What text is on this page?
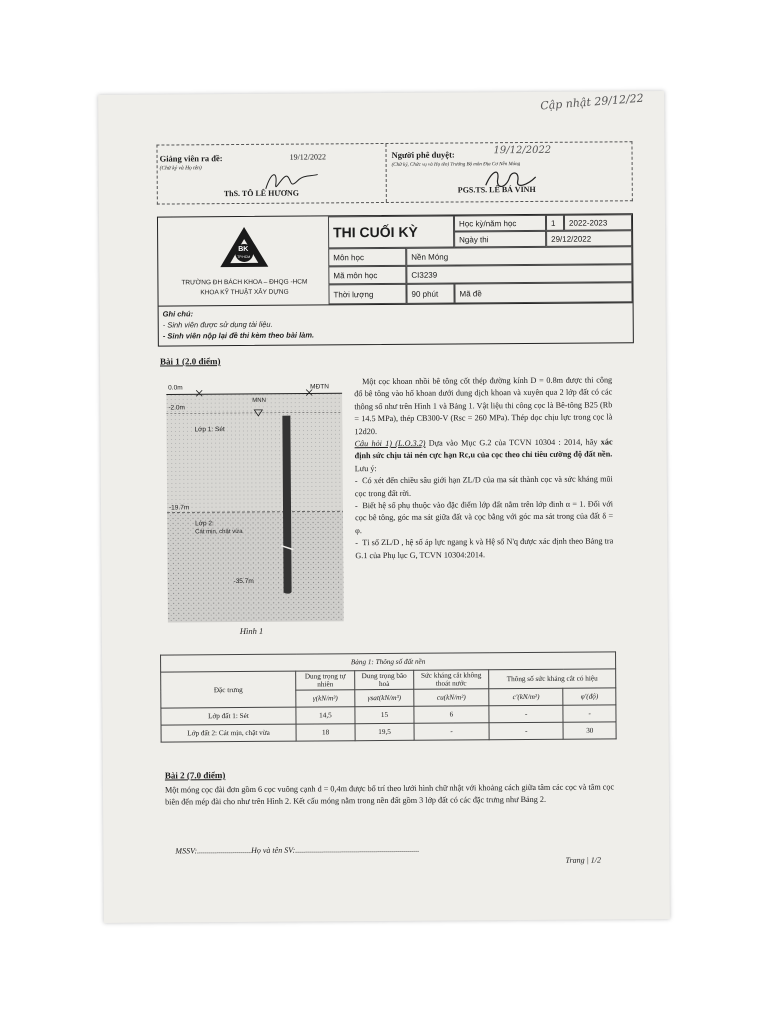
Cập nhật 29/12/22
Giảng viên ra đề:	19/12/2022
(Chữ ký và Họ tên)
ThS. TÔ LÊ HƯƠNG
Người phê duyệt:	19/12/2022
(Chữ ký, Chức vụ và Họ tên) Trưởng Bộ môn Địa Cơ Nền Móng
PGS.TS. LÊ BÁ VINH
BK
TP.HCM
TRƯỜNG ĐH BÁCH KHOA – ĐHQG -HCM
KHOA KỸ THUẬT XÂY DỰNG
THI CUỐI KỲ
Học kỳ/năm học	1 2022-2023
Ngày thi	29/12/2022
Môn học	Nền Móng
Mã môn học	CI3239
Thời lượng	90 phút	Mã đề
Ghi chú:
- Sinh viên được sử dụng tài liệu.
- Sinh viên nộp lại đề thi kèm theo bài làm.
Bài 1 (2.0 điểm)
0.0m	MĐTN
-2.0m
MNN
Lớp 1: Sét
-19.7m
Lớp 2:
Cát mịn, chặt vừa
-35.7m
Hình 1

Một cọc khoan nhồi bê tông cốt thép đường kính D = 0.8m được thi công đổ bê tông vào hố khoan dưới dung dịch khoan và xuyên qua 2 lớp đất có các thông số như trên Hình 1 và Bảng 1. Vật liệu thi công cọc là Bê-tông B25 (Rb = 14.5 MPa), thép CB300-V (Rsc = 260 MPa). Thép dọc chịu lực trong cọc là 12d20.

Câu hỏi 1) (L.O.3.2) Dựa vào Mục G.2 của TCVN 10304 : 2014, hãy xác định sức chịu tải nén cực hạn Rc,u của cọc theo chỉ tiêu cường độ đất nền.

Lưu ý:

-  Có xét đến chiều sâu giới hạn ZL/D của ma sát thành cọc và sức kháng mũi cọc trong đất rời.

-  Biết hệ số phụ thuộc vào đặc điểm lớp đất nằm trên lớp đinh α = 1. Đối với cọc bê tông, góc ma sát giữa đất và cọc bằng với góc ma sát trong của đất δ = φ.

-  Tỉ số ZL/D , hệ số áp lực ngang k và Hệ số N'q được xác định theo Bảng tra G.1 của Phụ lục G, TCVN 10304:2014.

Bảng 1: Thông số đất nền					
Đặc trưng	Dung trọng tự nhiên	Dung trọng bão hoà	Sức kháng cắt không thoát nước	Thông số sức kháng cắt có hiệu	
	γ(kN/m³)	γsat(kN/m³)	cu(kN/m²)	c'(kN/m²)	φ'(độ)
Lớp đất 1: Sét	14,5	15	6	-	-
Lớp đất 2: Cát mịn, chặt vừa	18	19,5	-	-	30
Bài 2 (7.0 điểm)
Một móng cọc đài đơn gồm 6 cọc vuông cạnh d = 0,4m được bố trí theo lưới hình chữ nhật với khoảng cách giữa tâm các cọc và tâm cọc biên đến mép đài cho như trên Hình 2. Kết cấu móng nằm trong nền đất gồm 3 lớp đất có các đặc trưng như Bảng 2.
MSSV:...........................Họ và tên SV:..............................................................
Trang | 1/2
